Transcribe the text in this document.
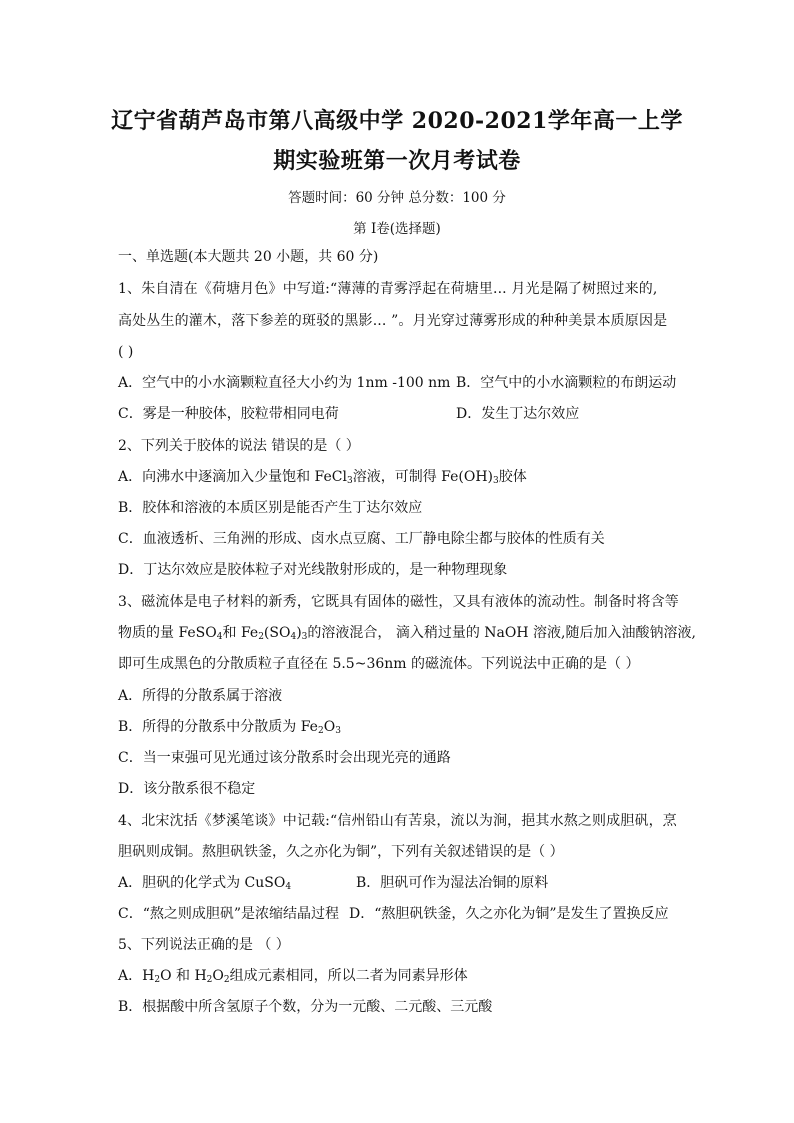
辽宁省葫芦岛市第八高级中学 2020-2021学年高一上学
期实验班第一次月考试卷
答题时间：60 分钟 总分数：100 分
第 I卷(选择题)
一、单选题(本大题共 20 小题，共 60 分)
1、朱自清在《荷塘月色》中写道:“薄薄的青雾浮起在荷塘里... 月光是隔了树照过来的,
高处丛生的灌木，落下参差的斑驳的黑影... ”。月光穿过薄雾形成的种种美景本质原因是
( )
A．空气中的小水滴颗粒直径大小约为 1nm -100 nm B．空气中的小水滴颗粒的布朗运动
C．雾是一种胶体，胶粒带相同电荷	D．发生丁达尔效应
2、下列关于胶体的说法 错误的是（ ）
A．向沸水中逐滴加入少量饱和 FeCl$_3$溶液，可制得 $Fe(OH)_3$胶体
B．胶体和溶液的本质区别是能否产生丁达尔效应
C．血液透析、三角洲的形成、卤水点豆腐、工厂静电除尘都与胶体的性质有关
D．丁达尔效应是胶体粒子对光线散射形成的，是一种物理现象
3、磁流体是电子材料的新秀，它既具有固体的磁性，又具有液体的流动性。制备时将含等
物质的量 FeSO$_4$和 $Fe_2(SO_4)_3$的溶液混合， 滴入稍过量的 NaOH 溶液,随后加入油酸钠溶液,
即可生成黑色的分散质粒子直径在 5.5~36nm 的磁流体。下列说法中正确的是（ ）
A．所得的分散系属于溶液
B．所得的分散系中分散质为 $Fe_2O_3$
C．当一束强可见光通过该分散系时会出现光亮的通路
D．该分散系很不稳定
4、北宋沈括《梦溪笔谈》中记载:“信州铅山有苦泉，流以为涧，挹其水熬之则成胆矾，烹
胆矾则成铜。熬胆矾铁釜，久之亦化为铜”，下列有关叙述错误的是（ ）
A．胆矾的化学式为 CuSO$_4$	B．胆矾可作为湿法冶铜的原料
C．“熬之则成胆矾”是浓缩结晶过程 D．“熬胆矾铁釜，久之亦化为铜”是发生了置换反应
5、下列说法正确的是 （ ）
A．$H_2O$ 和 $H_2O_2$组成元素相同，所以二者为同素异形体
B．根据酸中所含氢原子个数，分为一元酸、二元酸、三元酸
